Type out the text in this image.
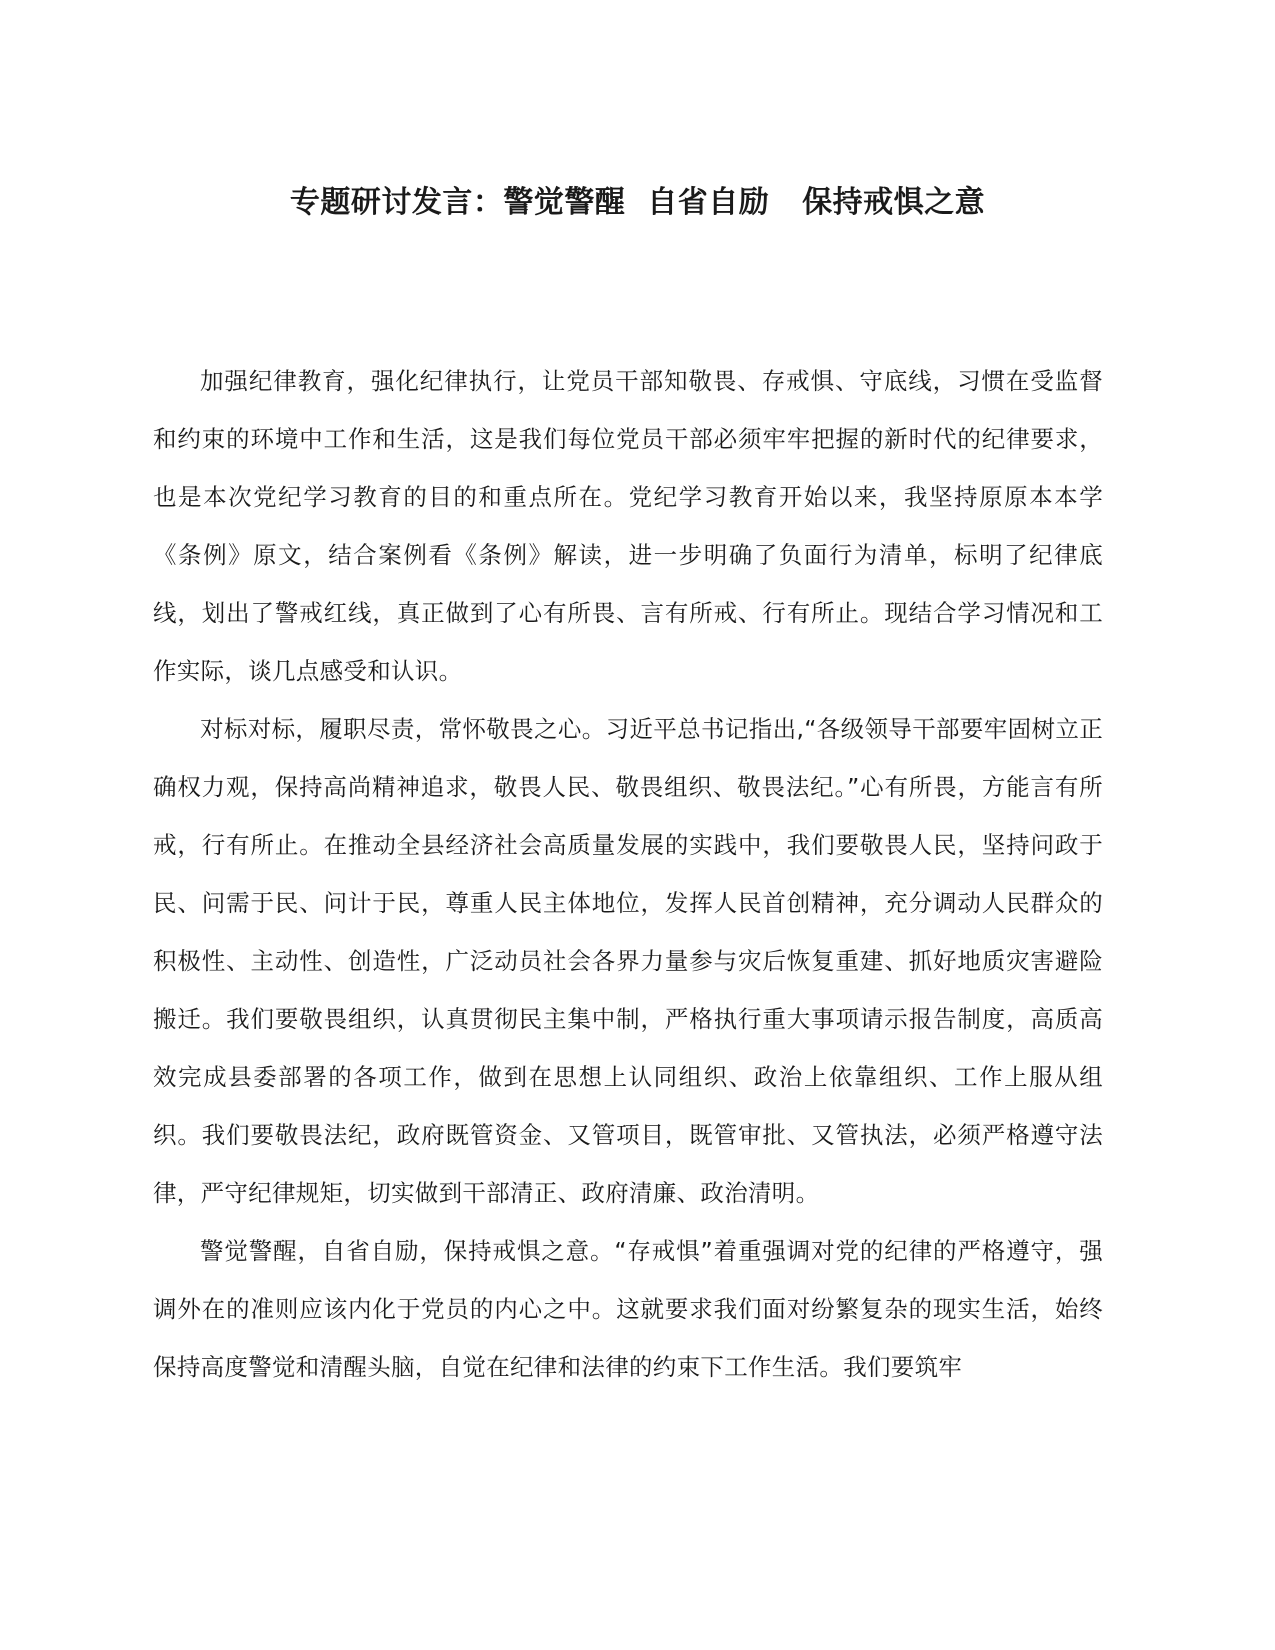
专题研讨发言：警觉警醒  自省自励   保持戒惧之意

加强纪律教育，强化纪律执行，让党员干部知敬畏、存戒惧、守底线，习惯在受监督和约束的环境中工作和生活，这是我们每位党员干部必须牢牢把握的新时代的纪律要求，也是本次党纪学习教育的目的和重点所在。党纪学习教育开始以来，我坚持原原本本学《条例》原文，结合案例看《条例》解读，进一步明确了负面行为清单，标明了纪律底线，划出了警戒红线，真正做到了心有所畏、言有所戒、行有所止。现结合学习情况和工作实际，谈几点感受和认识。

对标对标，履职尽责，常怀敬畏之心。习近平总书记指出,“各级领导干部要牢固树立正确权力观，保持高尚精神追求，敬畏人民、敬畏组织、敬畏法纪。”心有所畏，方能言有所戒，行有所止。在推动全县经济社会高质量发展的实践中，我们要敬畏人民，坚持问政于民、问需于民、问计于民，尊重人民主体地位，发挥人民首创精神，充分调动人民群众的积极性、主动性、创造性，广泛动员社会各界力量参与灾后恢复重建、抓好地质灾害避险搬迁。我们要敬畏组织，认真贯彻民主集中制，严格执行重大事项请示报告制度，高质高效完成县委部署的各项工作，做到在思想上认同组织、政治上依靠组织、工作上服从组织。我们要敬畏法纪，政府既管资金、又管项目，既管审批、又管执法，必须严格遵守法律，严守纪律规矩，切实做到干部清正、政府清廉、政治清明。

警觉警醒，自省自励，保持戒惧之意。“存戒惧”着重强调对党的纪律的严格遵守，强调外在的准则应该内化于党员的内心之中。这就要求我们面对纷繁复杂的现实生活，始终保持高度警觉和清醒头脑，自觉在纪律和法律的约束下工作生活。我们要筑牢
